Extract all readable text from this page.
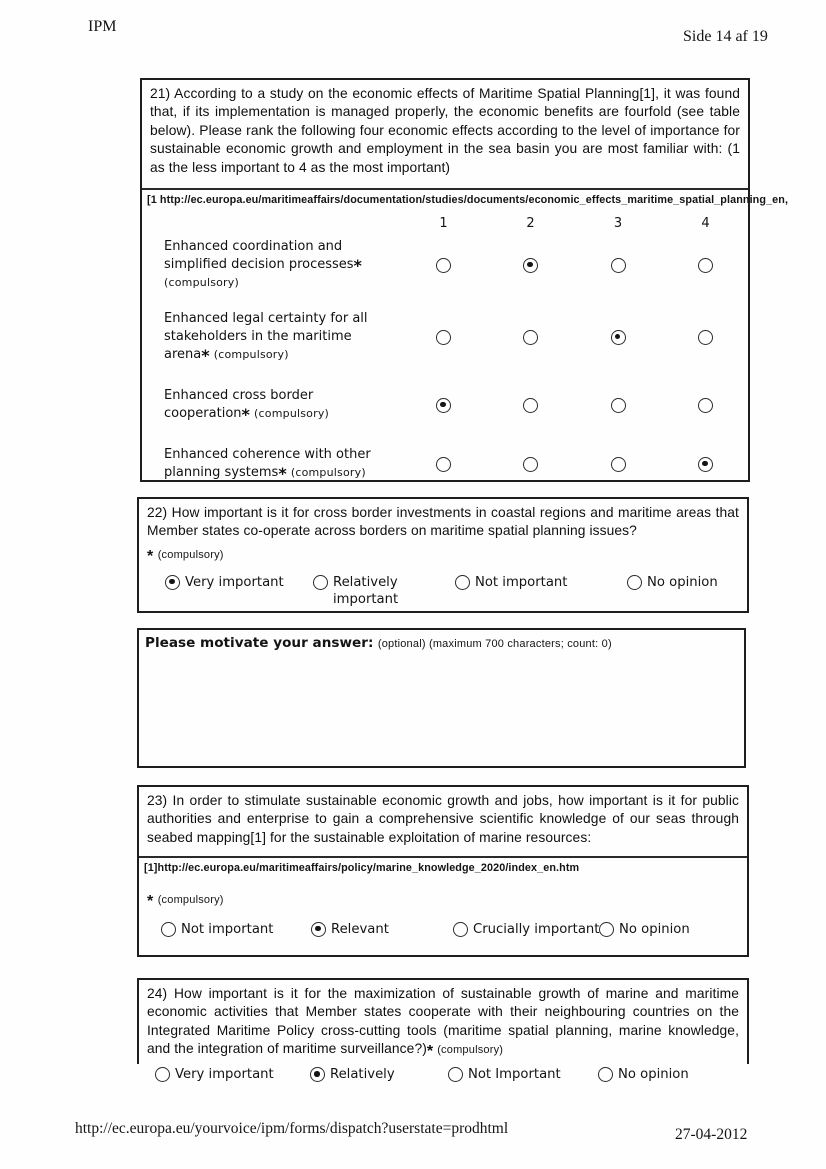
IPM
Side 14 af 19
21) According to a study on the economic effects of Maritime Spatial Planning[1], it was found that, if its implementation is managed properly, the economic benefits are fourfold (see table below). Please rank the following four economic effects according to the level of importance for sustainable economic growth and employment in the sea basin you are most familiar with: (1 as the less important to 4 as the most important)
[1 http://ec.europa.eu/maritimeaffairs/documentation/studies/documents/economic_effects_maritime_spatial_planning_en,
1	2	3	4
Enhanced coordination and simplified decision processes* (compulsory)
Enhanced legal certainty for all stakeholders in the maritime arena* (compulsory)
Enhanced cross border cooperation* (compulsory)
Enhanced coherence with other planning systems* (compulsory)
22) How important is it for cross border investments in coastal regions and maritime areas that Member states co-operate across borders on maritime spatial planning issues?
* (compulsory)
Very important	Relatively important
Not important	No opinion
Please motivate your answer: (optional) (maximum 700 characters; count: 0)
23) In order to stimulate sustainable economic growth and jobs, how important is it for public authorities and enterprise to gain a comprehensive scientific knowledge of our seas through seabed mapping[1] for the sustainable exploitation of marine resources:
[1]http://ec.europa.eu/maritimeaffairs/policy/marine_knowledge_2020/index_en.htm
* (compulsory)
Not important	Relevant	Crucially important No opinion
24) How important is it for the maximization of sustainable growth of marine and maritime economic activities that Member states cooperate with their neighbouring countries on the Integrated Maritime Policy cross-cutting tools (maritime spatial planning, marine knowledge, and the integration of maritime surveillance?)* (compulsory)
Very important	Relatively	Not Important	No opinion
http://ec.europa.eu/yourvoice/ipm/forms/dispatch?userstate=prodhtml	27-04-2012
